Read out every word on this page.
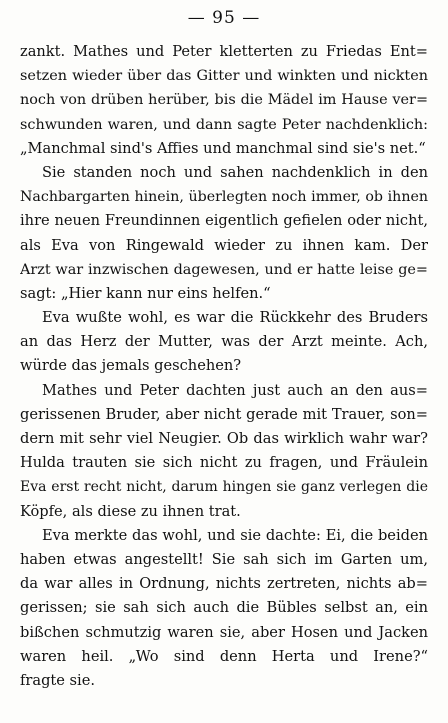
— 95 —
zankt. Mathes und Peter kletterten zu Friedas Ent=
setzen wieder über das Gitter und winkten und nickten
noch von drüben herüber, bis die Mädel im Hause ver=
schwunden waren, und dann sagte Peter nachdenklich:
„Manchmal sind's Affies und manchmal sind sie's net.“
Sie standen noch und sahen nachdenklich in den
Nachbargarten hinein, überlegten noch immer, ob ihnen
ihre neuen Freundinnen eigentlich gefielen oder nicht,
als Eva von Ringewald wieder zu ihnen kam. Der
Arzt war inzwischen dagewesen, und er hatte leise ge=
sagt: „Hier kann nur eins helfen.“
Eva wußte wohl, es war die Rückkehr des Bruders
an das Herz der Mutter, was der Arzt meinte. Ach,
würde das jemals geschehen?
Mathes und Peter dachten just auch an den aus=
gerissenen Bruder, aber nicht gerade mit Trauer, son=
dern mit sehr viel Neugier. Ob das wirklich wahr war?
Hulda trauten sie sich nicht zu fragen, und Fräulein
Eva erst recht nicht, darum hingen sie ganz verlegen die
Köpfe, als diese zu ihnen trat.
Eva merkte das wohl, und sie dachte: Ei, die beiden
haben etwas angestellt! Sie sah sich im Garten um,
da war alles in Ordnung, nichts zertreten, nichts ab=
gerissen; sie sah sich auch die Bübles selbst an, ein
bißchen schmutzig waren sie, aber Hosen und Jacken
waren heil. „Wo sind denn Herta und Irene?“
fragte sie.
